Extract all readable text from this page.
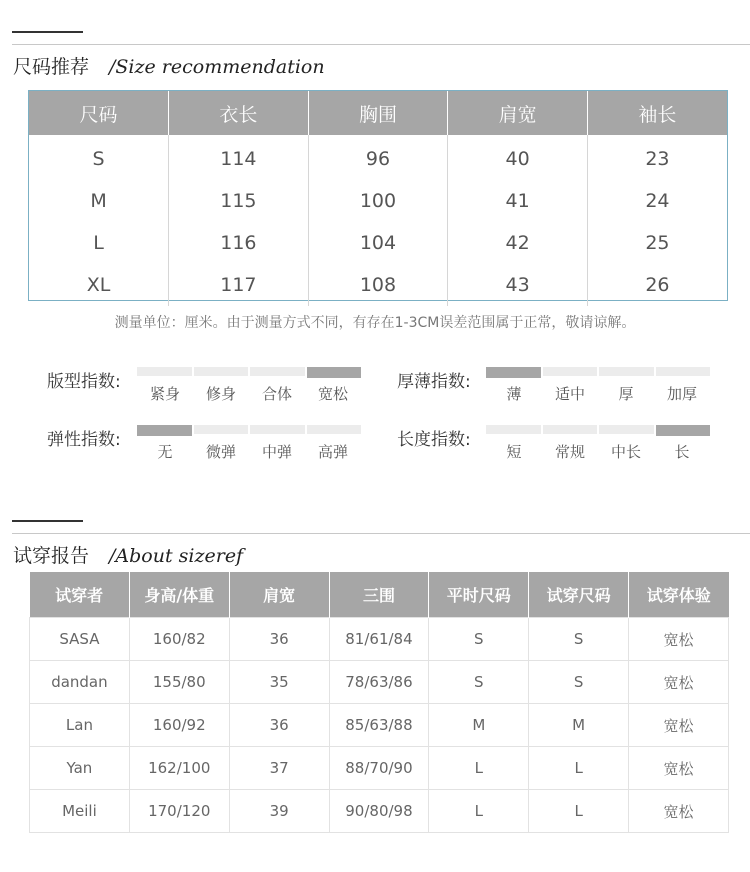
尺码推荐 /Size recommendation
尺码	衣长	胸围	肩宽	袖长
S	114	96	40	23
M	115	100	41	24
L	116	104	42	25
XL	117	108	43	26
测量单位：厘米。由于测量方式不同，有存在1-3CM误差范围属于正常，敬请谅解。
版型指数:
紧身	修身	合体	宽松
厚薄指数:
薄	适中	厚	加厚
弹性指数:
无	微弹	中弹	高弹
长度指数:
短	常规	中长	长
试穿报告 /About sizeref
试穿者	身高/体重	肩宽	三围	平时尺码	试穿尺码	试穿体验
SASA	160/82	36	81/61/84	S	S	宽松
dandan	155/80	35	78/63/86	S	S	宽松
Lan	160/92	36	85/63/88	M	M	宽松
Yan	162/100	37	88/70/90	L	L	宽松
Meili	170/120	39	90/80/98	L	L	宽松
